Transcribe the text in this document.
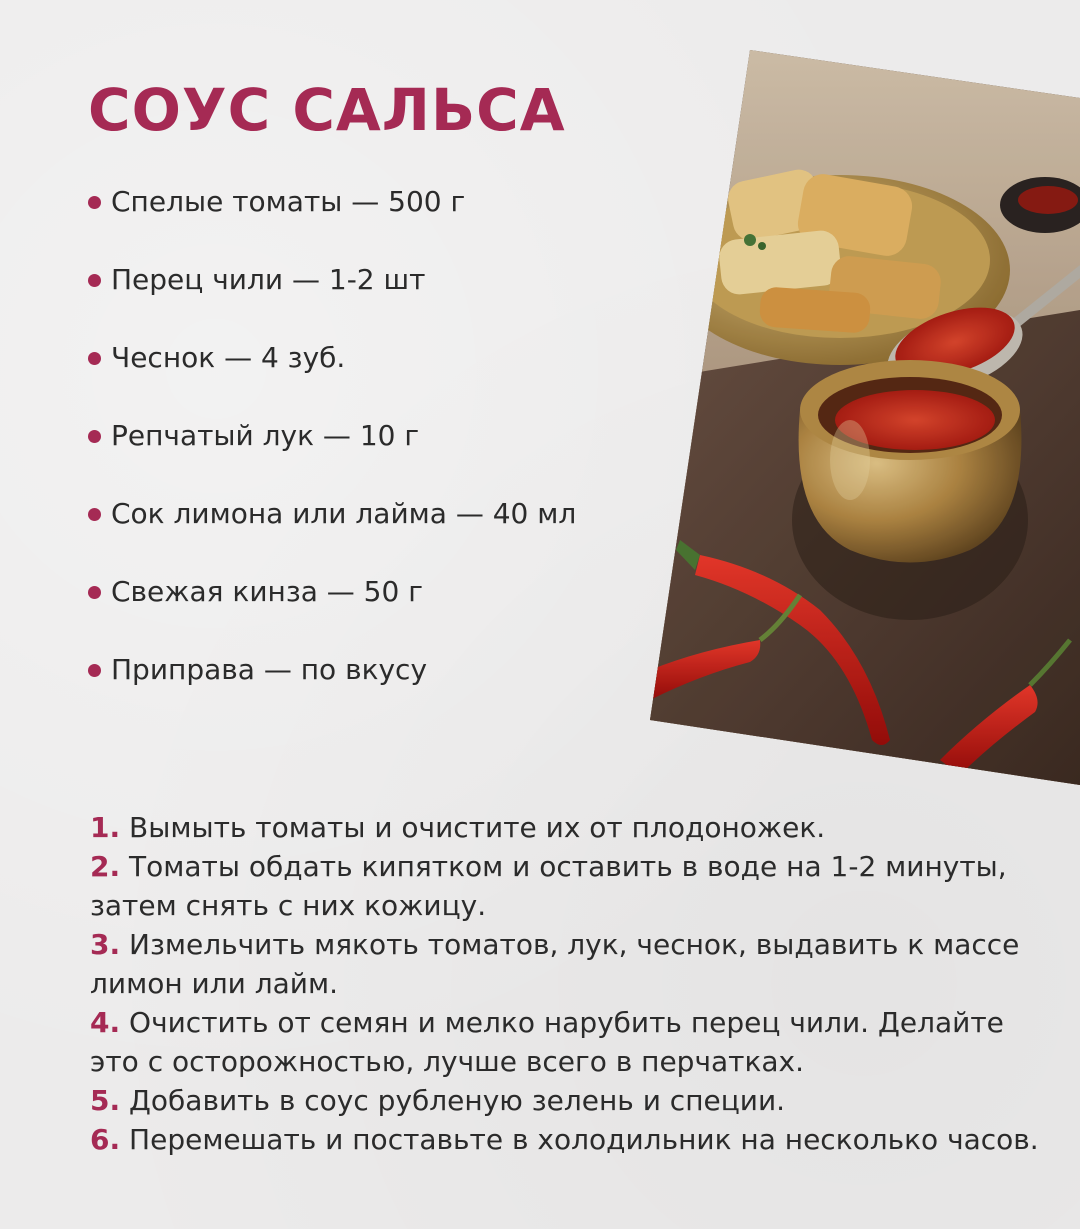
СОУС САЛЬСА
Спелые томаты — 500 г
Перец чили — 1-2 шт
Чеснок — 4 зуб.
Репчатый лук — 10 г
Сок лимона или лайма — 40 мл
Свежая кинза — 50 г
Приправа — по вкусу
1. Вымыть томаты и очистите их от плодоножек.
2. Томаты обдать кипятком и оставить в воде на 1-2 минуты, затем снять с них кожицу.
3. Измельчить мякоть томатов, лук, чеснок, выдавить к массе лимон или лайм.
4. Очистить от семян и мелко нарубить перец чили. Делайте это с осторожностью, лучше всего в перчатках.
5. Добавить в соус рубленую зелень и специи.
6. Перемешать и поставьте в холодильник на несколько часов.
